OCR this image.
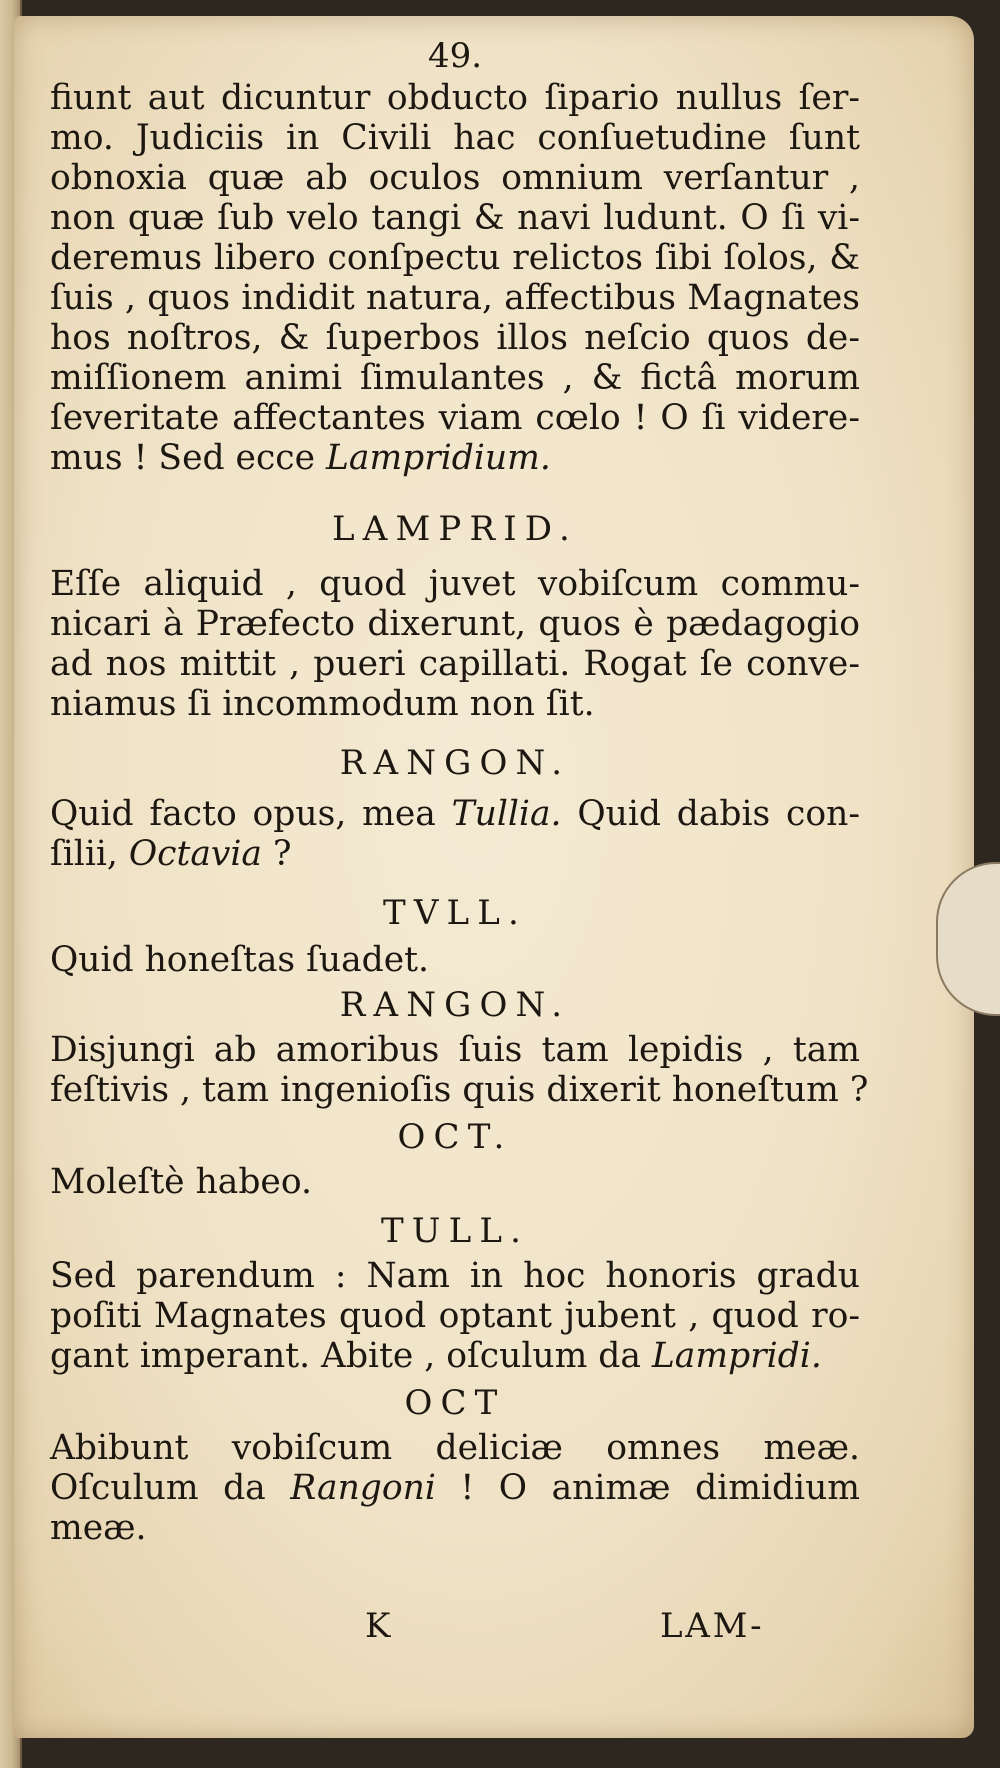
49.
fiunt aut dicuntur obducto ſipario nullus ſer-
mo. Judiciis in Civili hac conſuetudine ſunt
obnoxia quæ ab oculos omnium verſantur ,
non quæ ſub velo tangi & navi ludunt. O ſi vi-
deremus libero conſpectu relictos ſibi ſolos, &
ſuis , quos indidit natura, affectibus Magnates
hos noſtros, & ſuperbos illos neſcio quos de-
miſſionem animi ſimulantes , & fictâ morum
ſeveritate affectantes viam cœlo ! O ſi videre-
mus ! Sed ecce Lampridium.
LAMPRID.
Eſſe aliquid , quod juvet vobiſcum commu-
nicari à Præfecto dixerunt, quos è pædagogio
ad nos mittit , pueri capillati. Rogat ſe conve-
niamus ſi incommodum non ſit.
RANGON.
Quid facto opus, mea Tullia. Quid dabis con-
ſilii, Octavia ?
TVLL.
Quid honeſtas ſuadet.
RANGON.
Disjungi ab amoribus ſuis tam lepidis , tam
feſtivis , tam ingenioſis quis dixerit honeſtum ?
OCT.
Moleſtè habeo.
TULL.
Sed parendum : Nam in hoc honoris gradu
poſiti Magnates quod optant jubent , quod ro-
gant imperant. Abite , oſculum da Lampridi.
OCT
Abibunt vobiſcum deliciæ omnes meæ.
Oſculum da Rangoni ! O animæ dimidium
meæ.
K	LAM-
